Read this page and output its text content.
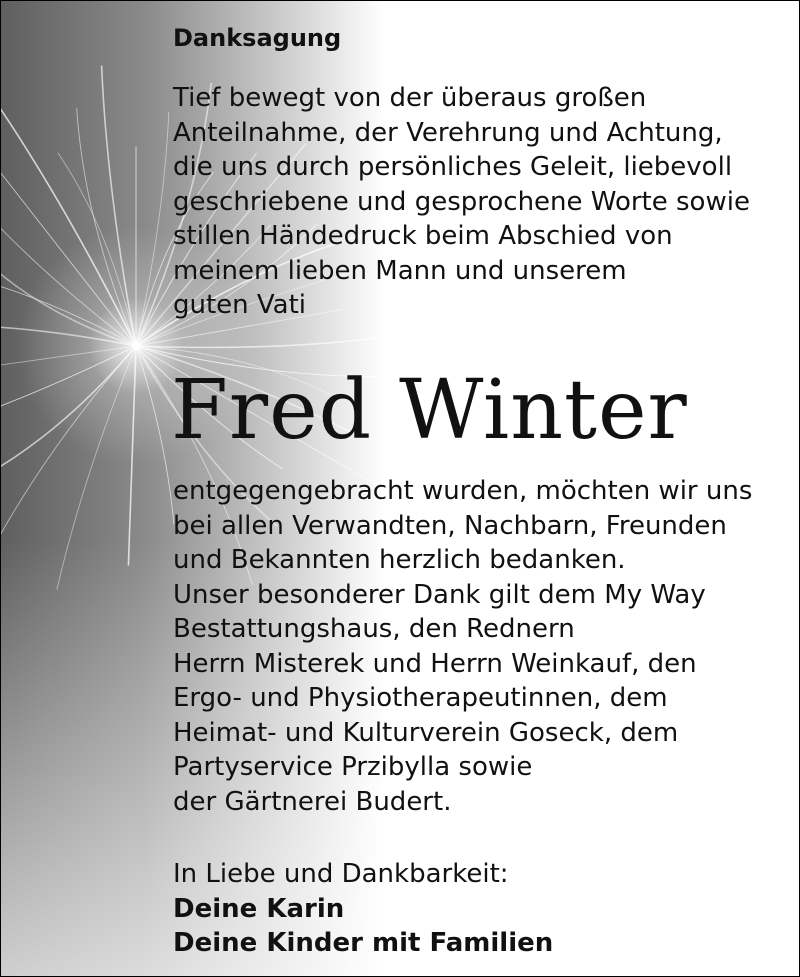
Danksagung
Tief bewegt von der überaus großen
Anteilnahme, der Verehrung und Achtung,
die uns durch persönliches Geleit, liebevoll
geschriebene und gesprochene Worte sowie
stillen Händedruck beim Abschied von
meinem lieben Mann und unserem
guten Vati
Fred Winter
entgegengebracht wurden, möchten wir uns
bei allen Verwandten, Nachbarn, Freunden
und Bekannten herzlich bedanken.
Unser besonderer Dank gilt dem My Way
Bestattungshaus, den Rednern
Herrn Misterek und Herrn Weinkauf, den
Ergo- und Physiotherapeutinnen, dem
Heimat- und Kulturverein Goseck, dem
Partyservice Przibylla sowie
der Gärtnerei Budert.
In Liebe und Dankbarkeit:
Deine Karin
Deine Kinder mit Familien
